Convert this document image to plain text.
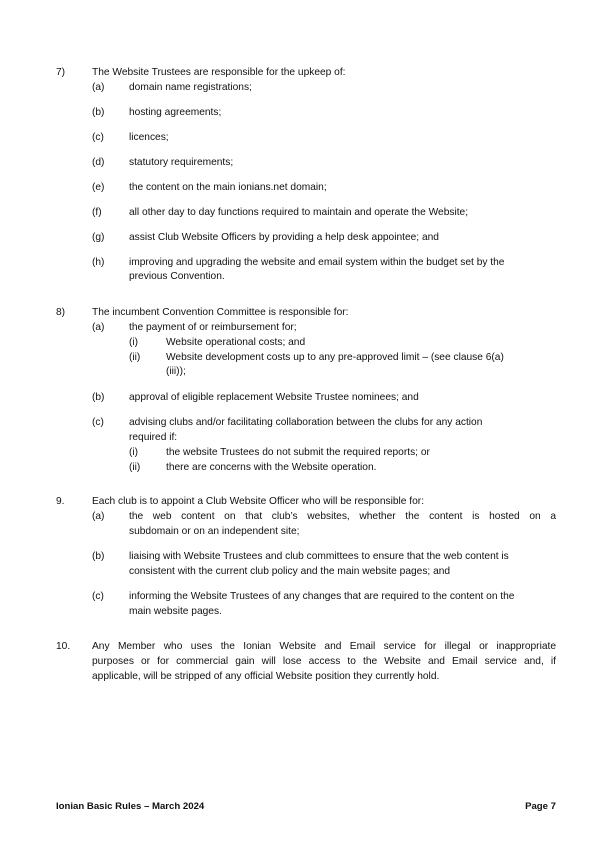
7)	The Website Trustees are responsible for the upkeep of:
(a) domain name registrations;
(b) hosting agreements;
(c) licences;
(d) statutory requirements;
(e) the content on the main ionians.net domain;
(f)	all other day to day functions required to maintain and operate the Website;
(g) assist Club Website Officers by providing a help desk appointee; and
(h) improving and upgrading the website and email system within the budget set by the
previous Convention.
8)	The incumbent Convention Committee is responsible for:
(a) the payment of or reimbursement for;
(i)	Website operational costs; and
(ii)	Website development costs up to any pre-approved limit – (see clause 6(a)
(iii));
(b) approval of eligible replacement Website Trustee nominees; and
(c) advising clubs and/or facilitating collaboration between the clubs for any action
required if:
(i)	the website Trustees do not submit the required reports; or
(ii)	there are concerns with the Website operation.
9.	Each club is to appoint a Club Website Officer who will be responsible for:
(a) the web content on that club’s websites, whether the content is hosted on a
subdomain or on an independent site;
(b) liaising with Website Trustees and club committees to ensure that the web content is
consistent with the current club policy and the main website pages; and
(c) informing the Website Trustees of any changes that are required to the content on the
main website pages.
10. Any Member who uses the Ionian Website and Email service for illegal or inappropriate
purposes or for commercial gain will lose access to the Website and Email service and, if
applicable, will be stripped of any official Website position they currently hold.
Ionian Basic Rules – March 2024	Page 7
